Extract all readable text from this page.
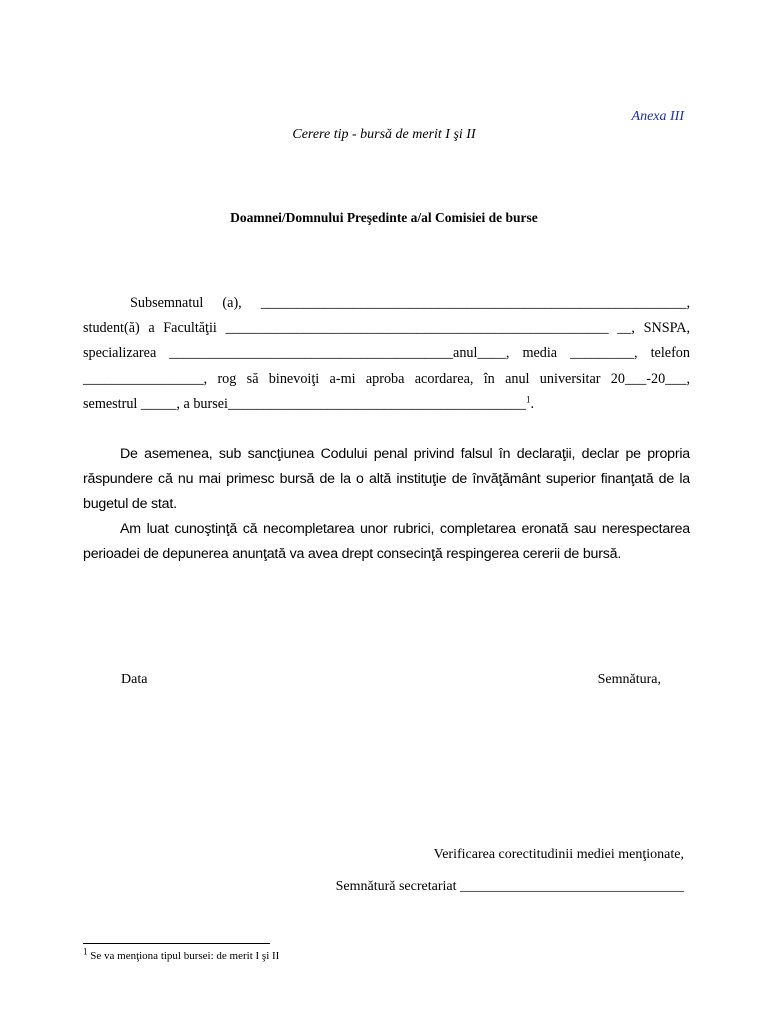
Anexa III
Cerere tip - bursă de merit I şi II
Doamnei/Domnului Preşedinte a/al Comisiei de burse
Subsemnatul (a), ____________________________________________________________,
student(ă) a Facultăţii ______________________________________________________ __, SNSPA,
specializarea ________________________________________anul____, media _________, telefon
_________________, rog să binevoiţi a-mi aproba acordarea, în anul universitar 20___-20___,
semestrul _____, a bursei__________________________________________$^1$.
De asemenea, sub sancţiunea Codului penal privind falsul în declaraţii, declar pe propria
răspundere că nu mai primesc bursă de la o altă instituţie de învăţământ superior finanţată de la
bugetul de stat.
Am luat cunoştinţă că necompletarea unor rubrici, completarea eronată sau nerespectarea
perioadei de depunerea anunţată va avea drept consecinţă respingerea cererii de bursă.
Data	Semnătura,
Verificarea corectitudinii mediei menţionate,
Semnătură secretariat ________________________________
$^1$ Se va menţiona tipul bursei: de merit I şi II
